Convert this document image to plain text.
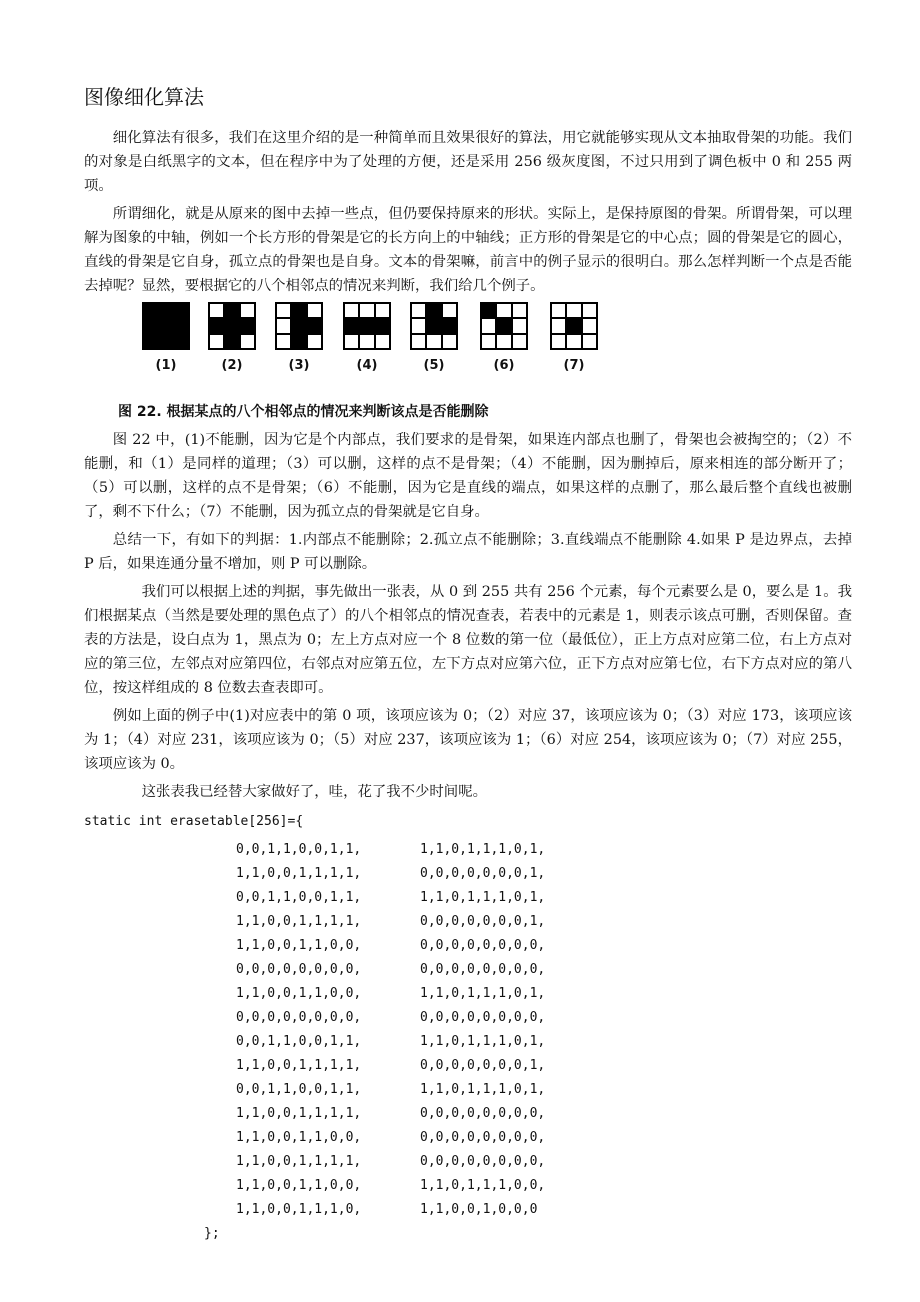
图像细化算法

细化算法有很多，我们在这里介绍的是一种简单而且效果很好的算法，用它就能够实现从文本抽取骨架的功能。我们的对象是白纸黑字的文本，但在程序中为了处理的方便，还是采用 256 级灰度图，不过只用到了调色板中 0 和 255 两项。

所谓细化，就是从原来的图中去掉一些点，但仍要保持原来的形状。实际上，是保持原图的骨架。所谓骨架，可以理解为图象的中轴，例如一个长方形的骨架是它的长方向上的中轴线；正方形的骨架是它的中心点；圆的骨架是它的圆心，直线的骨架是它自身，孤立点的骨架也是自身。文本的骨架嘛，前言中的例子显示的很明白。那么怎样判断一个点是否能去掉呢？显然，要根据它的八个相邻点的情况来判断，我们给几个例子。

(1)	(2)	(3)	(4)	(5)	(6)	(7)
图 22. 根据某点的八个相邻点的情况来判断该点是否能删除

图 22 中，(1)不能删，因为它是个内部点，我们要求的是骨架，如果连内部点也删了，骨架也会被掏空的；（2）不能删，和（1）是同样的道理；（3）可以删，这样的点不是骨架；（4）不能删，因为删掉后，原来相连的部分断开了；（5）可以删，这样的点不是骨架；（6）不能删，因为它是直线的端点，如果这样的点删了，那么最后整个直线也被删了，剩不下什么；（7）不能删，因为孤立点的骨架就是它自身。

总结一下，有如下的判据：1.内部点不能删除；2.孤立点不能删除；3.直线端点不能删除 4.如果 P 是边界点，去掉 P 后，如果连通分量不增加，则 P 可以删除。

我们可以根据上述的判据，事先做出一张表，从 0 到 255 共有 256 个元素，每个元素要么是 0，要么是 1。我们根据某点（当然是要处理的黑色点了）的八个相邻点的情况查表，若表中的元素是 1，则表示该点可删，否则保留。查表的方法是，设白点为 1，黑点为 0；左上方点对应一个 8 位数的第一位（最低位），正上方点对应第二位，右上方点对应的第三位，左邻点对应第四位，右邻点对应第五位，左下方点对应第六位，正下方点对应第七位，右下方点对应的第八位，按这样组成的 8 位数去查表即可。

例如上面的例子中(1)对应表中的第 0 项，该项应该为 0；（2）对应 37，该项应该为 0；（3）对应 173，该项应该为 1；（4）对应 231，该项应该为 0；（5）对应 237，该项应该为 1；（6）对应 254，该项应该为 0；（7）对应 255，该项应该为 0。

这张表我已经替大家做好了，哇，花了我不少时间呢。

static int erasetable[256]={
0,0,1,1,0,0,1,1,	1,1,0,1,1,1,0,1,
1,1,0,0,1,1,1,1,	0,0,0,0,0,0,0,1,
0,0,1,1,0,0,1,1,	1,1,0,1,1,1,0,1,
1,1,0,0,1,1,1,1,	0,0,0,0,0,0,0,1,
1,1,0,0,1,1,0,0,	0,0,0,0,0,0,0,0,
0,0,0,0,0,0,0,0,	0,0,0,0,0,0,0,0,
1,1,0,0,1,1,0,0,	1,1,0,1,1,1,0,1,
0,0,0,0,0,0,0,0,	0,0,0,0,0,0,0,0,
0,0,1,1,0,0,1,1,	1,1,0,1,1,1,0,1,
1,1,0,0,1,1,1,1,	0,0,0,0,0,0,0,1,
0,0,1,1,0,0,1,1,	1,1,0,1,1,1,0,1,
1,1,0,0,1,1,1,1,	0,0,0,0,0,0,0,0,
1,1,0,0,1,1,0,0,	0,0,0,0,0,0,0,0,
1,1,0,0,1,1,1,1,	0,0,0,0,0,0,0,0,
1,1,0,0,1,1,0,0,	1,1,0,1,1,1,0,0,
1,1,0,0,1,1,1,0,	1,1,0,0,1,0,0,0
};
